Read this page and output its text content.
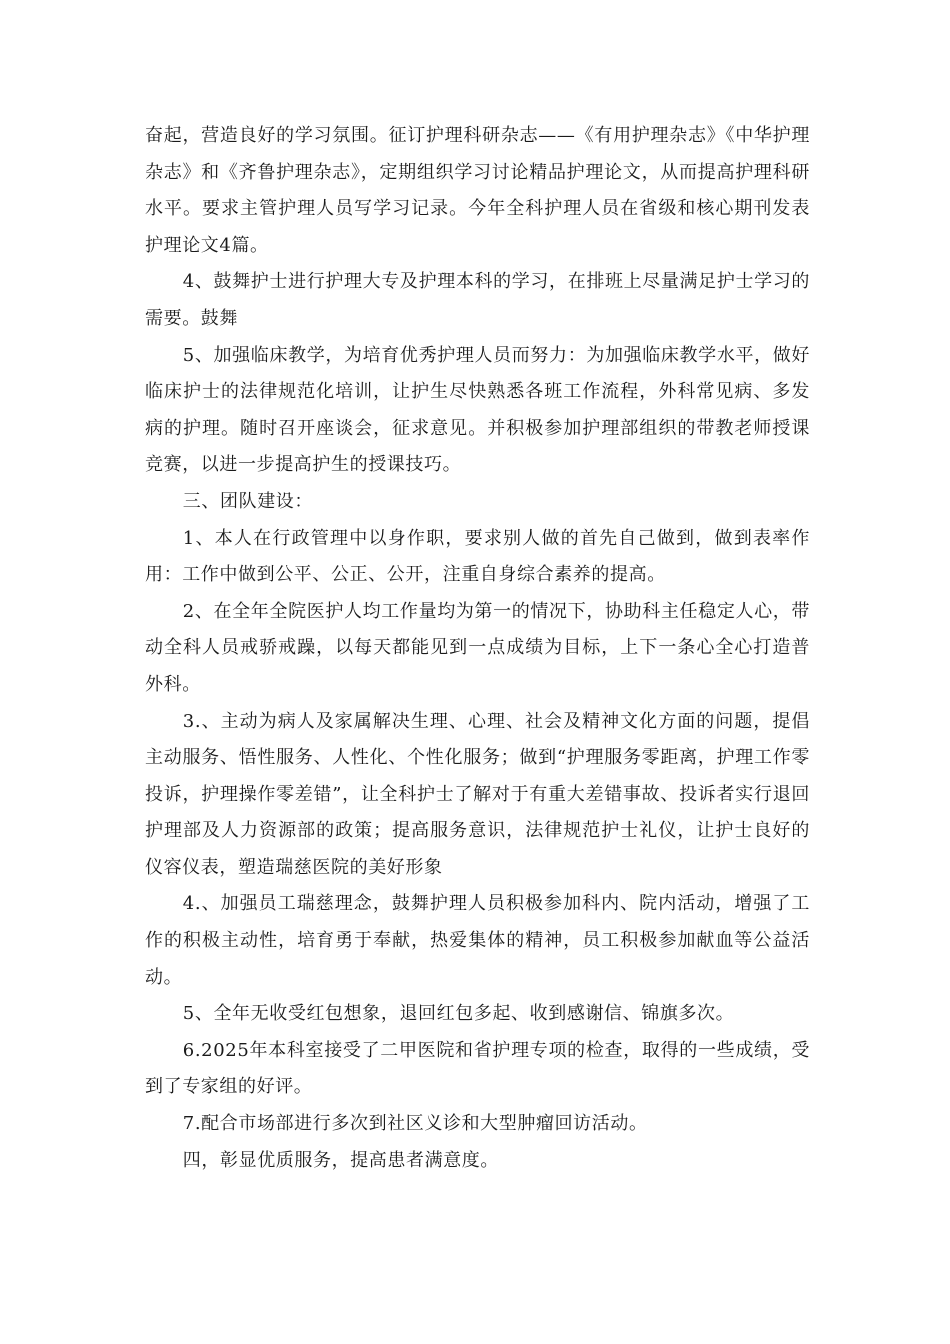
奋起，营造良好的学习氛围。征订护理科研杂志——《有用护理杂志》《中华护理杂志》和《齐鲁护理杂志》，定期组织学习讨论精品护理论文，从而提高护理科研水平。要求主管护理人员写学习记录。今年全科护理人员在省级和核心期刊发表护理论文4篇。

4、鼓舞护士进行护理大专及护理本科的学习，在排班上尽量满足护士学习的需要。鼓舞

5、加强临床教学，为培育优秀护理人员而努力：为加强临床教学水平，做好临床护士的法律规范化培训，让护生尽快熟悉各班工作流程，外科常见病、多发病的护理。随时召开座谈会，征求意见。并积极参加护理部组织的带教老师授课竞赛，以进一步提高护生的授课技巧。

三、团队建设：

1、本人在行政管理中以身作职，要求别人做的首先自己做到，做到表率作用：工作中做到公平、公正、公开，注重自身综合素养的提高。

2、在全年全院医护人均工作量均为第一的情况下，协助科主任稳定人心，带动全科人员戒骄戒躁，以每天都能见到一点成绩为目标，上下一条心全心打造普外科。

3.、主动为病人及家属解决生理、心理、社会及精神文化方面的问题，提倡主动服务、悟性服务、人性化、个性化服务；做到“护理服务零距离，护理工作零投诉，护理操作零差错”，让全科护士了解对于有重大差错事故、投诉者实行退回护理部及人力资源部的政策；提高服务意识，法律规范护士礼仪，让护士良好的仪容仪表，塑造瑞慈医院的美好形象

4.、加强员工瑞慈理念，鼓舞护理人员积极参加科内、院内活动，增强了工作的积极主动性，培育勇于奉献，热爱集体的精神，员工积极参加献血等公益活动。

5、全年无收受红包想象，退回红包多起、收到感谢信、锦旗多次。

6.2025年本科室接受了二甲医院和省护理专项的检查，取得的一些成绩，受到了专家组的好评。

7.配合市场部进行多次到社区义诊和大型肿瘤回访活动。

四，彰显优质服务，提高患者满意度。
